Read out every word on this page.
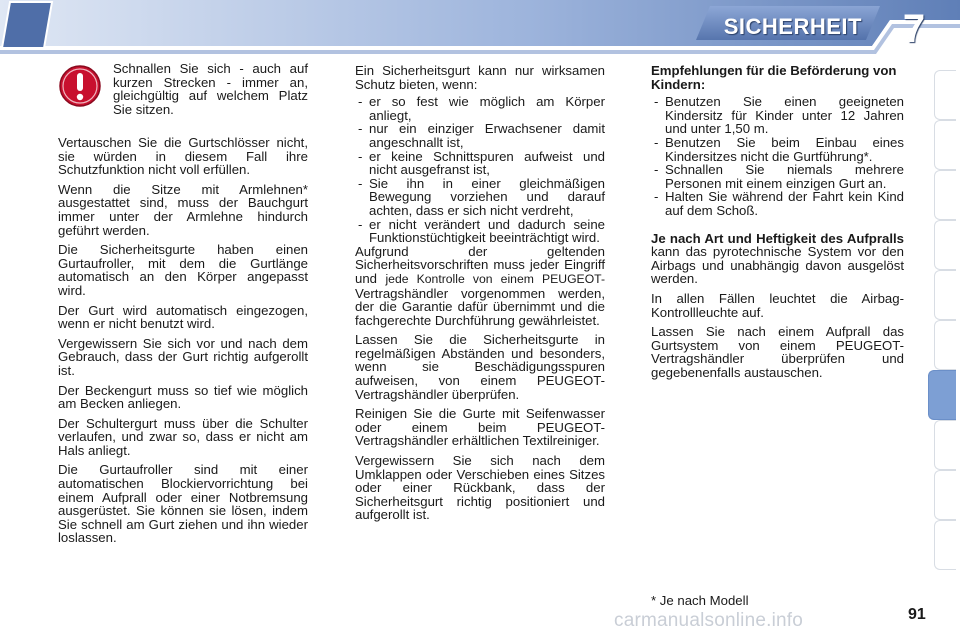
SICHERHEIT 7
Schnallen Sie sich - auch auf kurzen Strecken - immer an, gleichgültig auf welchem Platz Sie sitzen.

Vertauschen Sie die Gurtschlösser nicht, sie würden in diesem Fall ihre Schutzfunktion nicht voll erfüllen.

Wenn die Sitze mit Armlehnen* ausgestattet sind, muss der Bauchgurt immer unter der Armlehne hindurch geführt werden.

Die Sicherheitsgurte haben einen Gurtaufroller, mit dem die Gurtlänge automatisch an den Körper angepasst wird.

Der Gurt wird automatisch eingezogen, wenn er nicht benutzt wird.

Vergewissern Sie sich vor und nach dem Gebrauch, dass der Gurt richtig aufgerollt ist.

Der Beckengurt muss so tief wie möglich am Becken anliegen.

Der Schultergurt muss über die Schulter verlaufen, und zwar so, dass er nicht am Hals anliegt.

Die Gurtaufroller sind mit einer automatischen Blockiervorrichtung bei einem Aufprall oder einer Notbremsung ausgerüstet. Sie können sie lösen, indem Sie schnell am Gurt ziehen und ihn wieder loslassen.

Ein Sicherheitsgurt kann nur wirksamen Schutz bieten, wenn:

- er so fest wie möglich am Körper anliegt,
- nur ein einziger Erwachsener damit angeschnallt ist,
- er keine Schnittspuren aufweist und nicht ausgefranst ist,
- Sie ihn in einer gleichmäßigen Bewegung vorziehen und darauf achten, dass er sich nicht verdreht,
- er nicht verändert und dadurch seine Funktionstüchtigkeit beeinträchtigt wird.

Aufgrund der geltenden Sicherheitsvorschriften muss jeder Eingriff und jede Kontrolle von einem PEUGEOT- Vertragshändler vorgenommen werden, der die Garantie dafür übernimmt und die fachgerechte Durchführung gewährleistet.

Lassen Sie die Sicherheitsgurte in regelmäßigen Abständen und besonders, wenn sie Beschädigungsspuren aufweisen, von einem PEUGEOT-Vertragshändler überprüfen.

Reinigen Sie die Gurte mit Seifenwasser oder einem beim PEUGEOT-Vertragshändler erhältlichen Textilreiniger.

Vergewissern Sie sich nach dem Umklappen oder Verschieben eines Sitzes oder einer Rückbank, dass der Sicherheitsgurt richtig positioniert und aufgerollt ist.

Empfehlungen für die Beförderung von Kindern:

- Benutzen Sie einen geeigneten Kindersitz für Kinder unter 12 Jahren und unter 1,50 m.
- Benutzen Sie beim Einbau eines Kindersitzes nicht die Gurtführung*.
- Schnallen Sie niemals mehrere Personen mit einem einzigen Gurt an.
- Halten Sie während der Fahrt kein Kind auf dem Schoß.

Je nach Art und Heftigkeit des Aufpralls kann das pyrotechnische System vor den Airbags und unabhängig davon ausgelöst werden.

In allen Fällen leuchtet die Airbag-Kontrollleuchte auf.

Lassen Sie nach einem Aufprall das Gurtsystem von einem PEUGEOT-Vertragshändler überprüfen und gegebenenfalls austauschen.

* Je nach Modell
carmanualsonline.info	91
